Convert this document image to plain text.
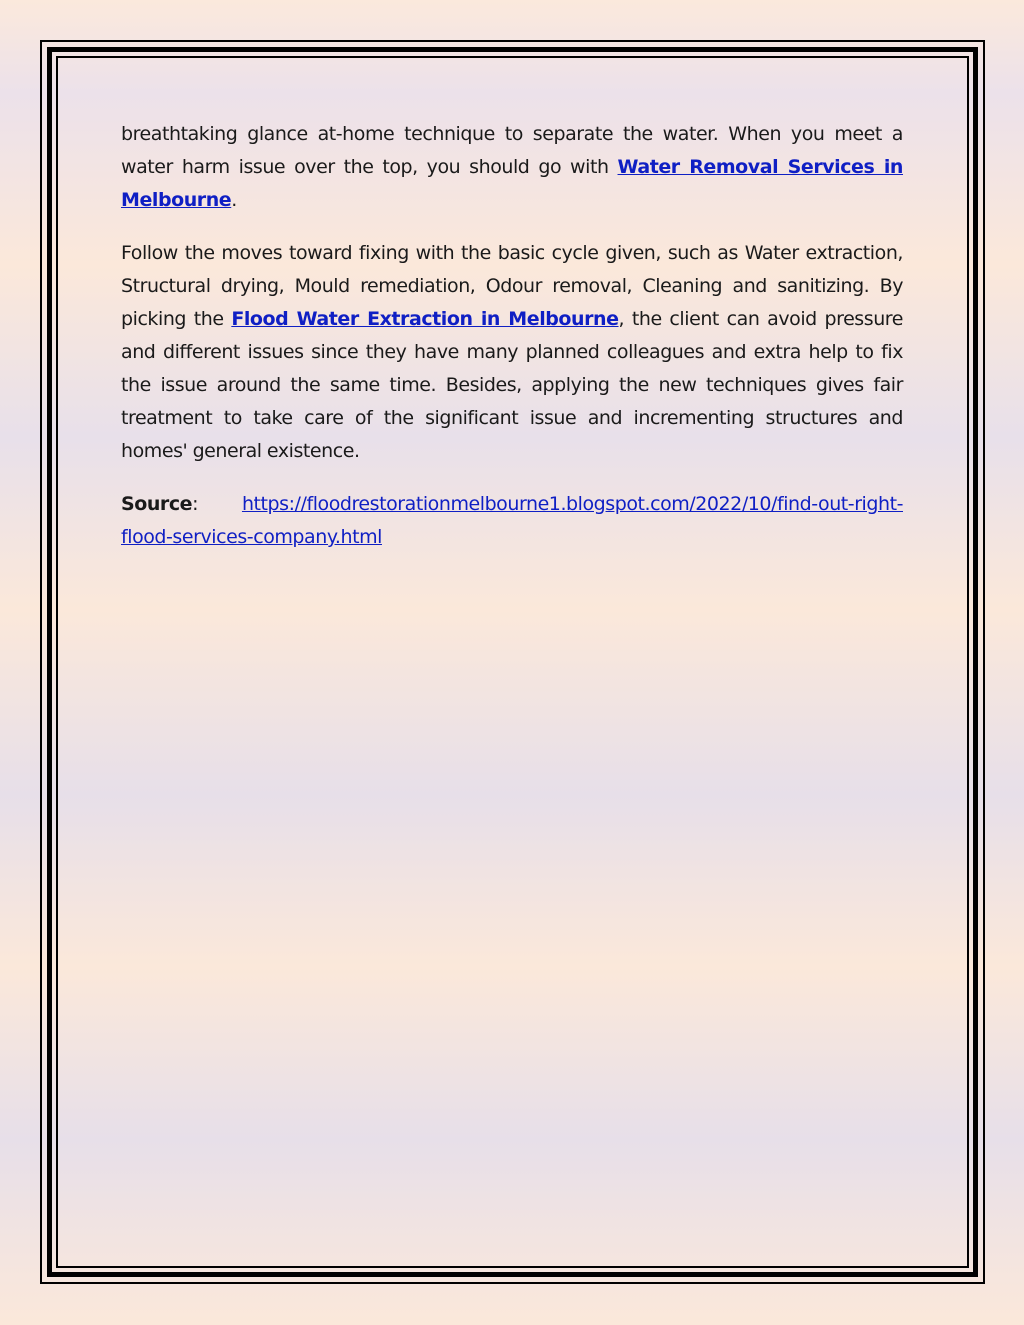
breathtaking glance at-home technique to separate the water. When you meet a water harm issue over the top, you should go with Water Removal Services in Melbourne.

Follow the moves toward fixing with the basic cycle given, such as Water extraction, Structural drying, Mould remediation, Odour removal, Cleaning and sanitizing. By picking the Flood Water Extraction in Melbourne, the client can avoid pressure and different issues since they have many planned colleagues and extra help to fix the issue around the same time. Besides, applying the new techniques gives fair treatment to take care of the significant issue and incrementing structures and homes' general existence.

Source: https://floodrestorationmelbourne1.blogspot.com/2022/10/find-out-right-flood-services-company.html
